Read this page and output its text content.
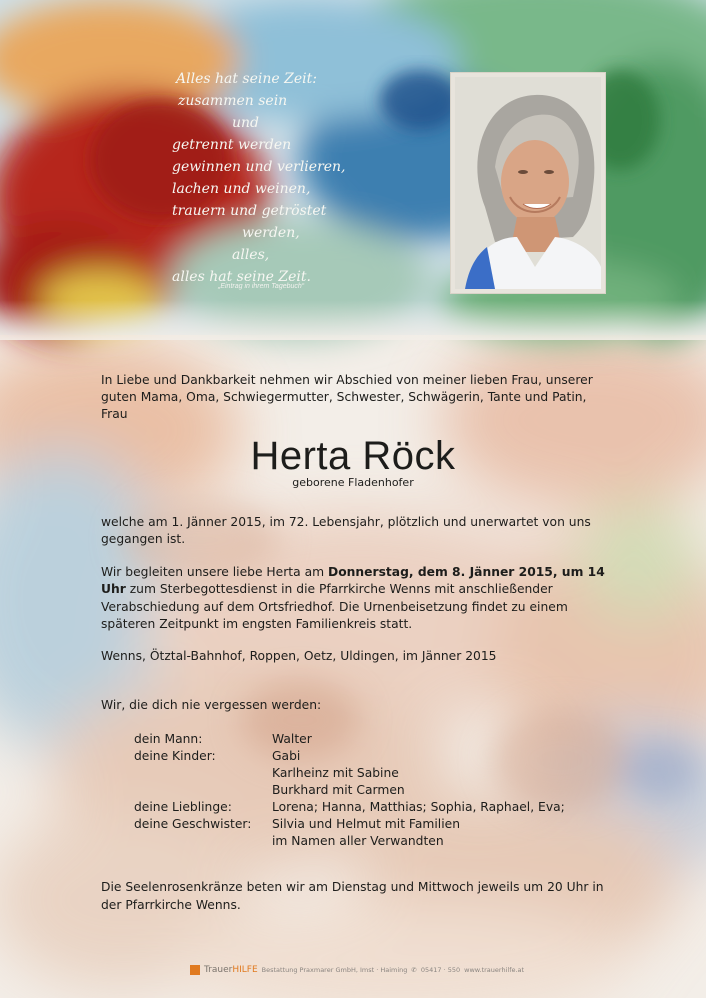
Alles hat seine Zeit:
zusammen sein
und
getrennt werden
gewinnen und verlieren,
lachen und weinen,
trauern und getröstet
werden,
alles,
alles hat seine Zeit.
„Eintrag in ihrem Tagebuch“

In Liebe und Dankbarkeit nehmen wir Abschied von meiner lieben Frau, unserer guten Mama, Oma, Schwiegermutter, Schwester, Schwägerin, Tante und Patin, Frau

Herta Röck
geborene Fladenhofer
welche am 1. Jänner 2015, im 72. Lebensjahr, plötzlich und unerwartet von uns gegangen ist.
Wir begleiten unsere liebe Herta am Donnerstag, dem 8. Jänner 2015, um 14 Uhr zum Sterbegottesdienst in die Pfarrkirche Wenns mit anschließender Verabschiedung auf dem Ortsfriedhof. Die Urnenbeisetzung findet zu einem späteren Zeitpunkt im engsten Familienkreis statt.
Wenns, Ötztal-Bahnhof, Roppen, Oetz, Uldingen, im Jänner 2015
Wir, die dich nie vergessen werden:
dein Mann:	Walter
deine Kinder:	Gabi
Karlheinz mit Sabine
Burkhard mit Carmen
deine Lieblinge:	Lorena; Hanna, Matthias; Sophia, Raphael, Eva;
deine Geschwister:	Silvia und Helmut mit Familien
im Namen aller Verwandten
Die Seelenrosenkränze beten wir am Dienstag und Mittwoch jeweils um 20 Uhr in der Pfarrkirche Wenns.
TrauerHILFE Bestattung Praxmarer GmbH, Imst · Haiming ✆ 05417 · 550 www.trauerhilfe.at
